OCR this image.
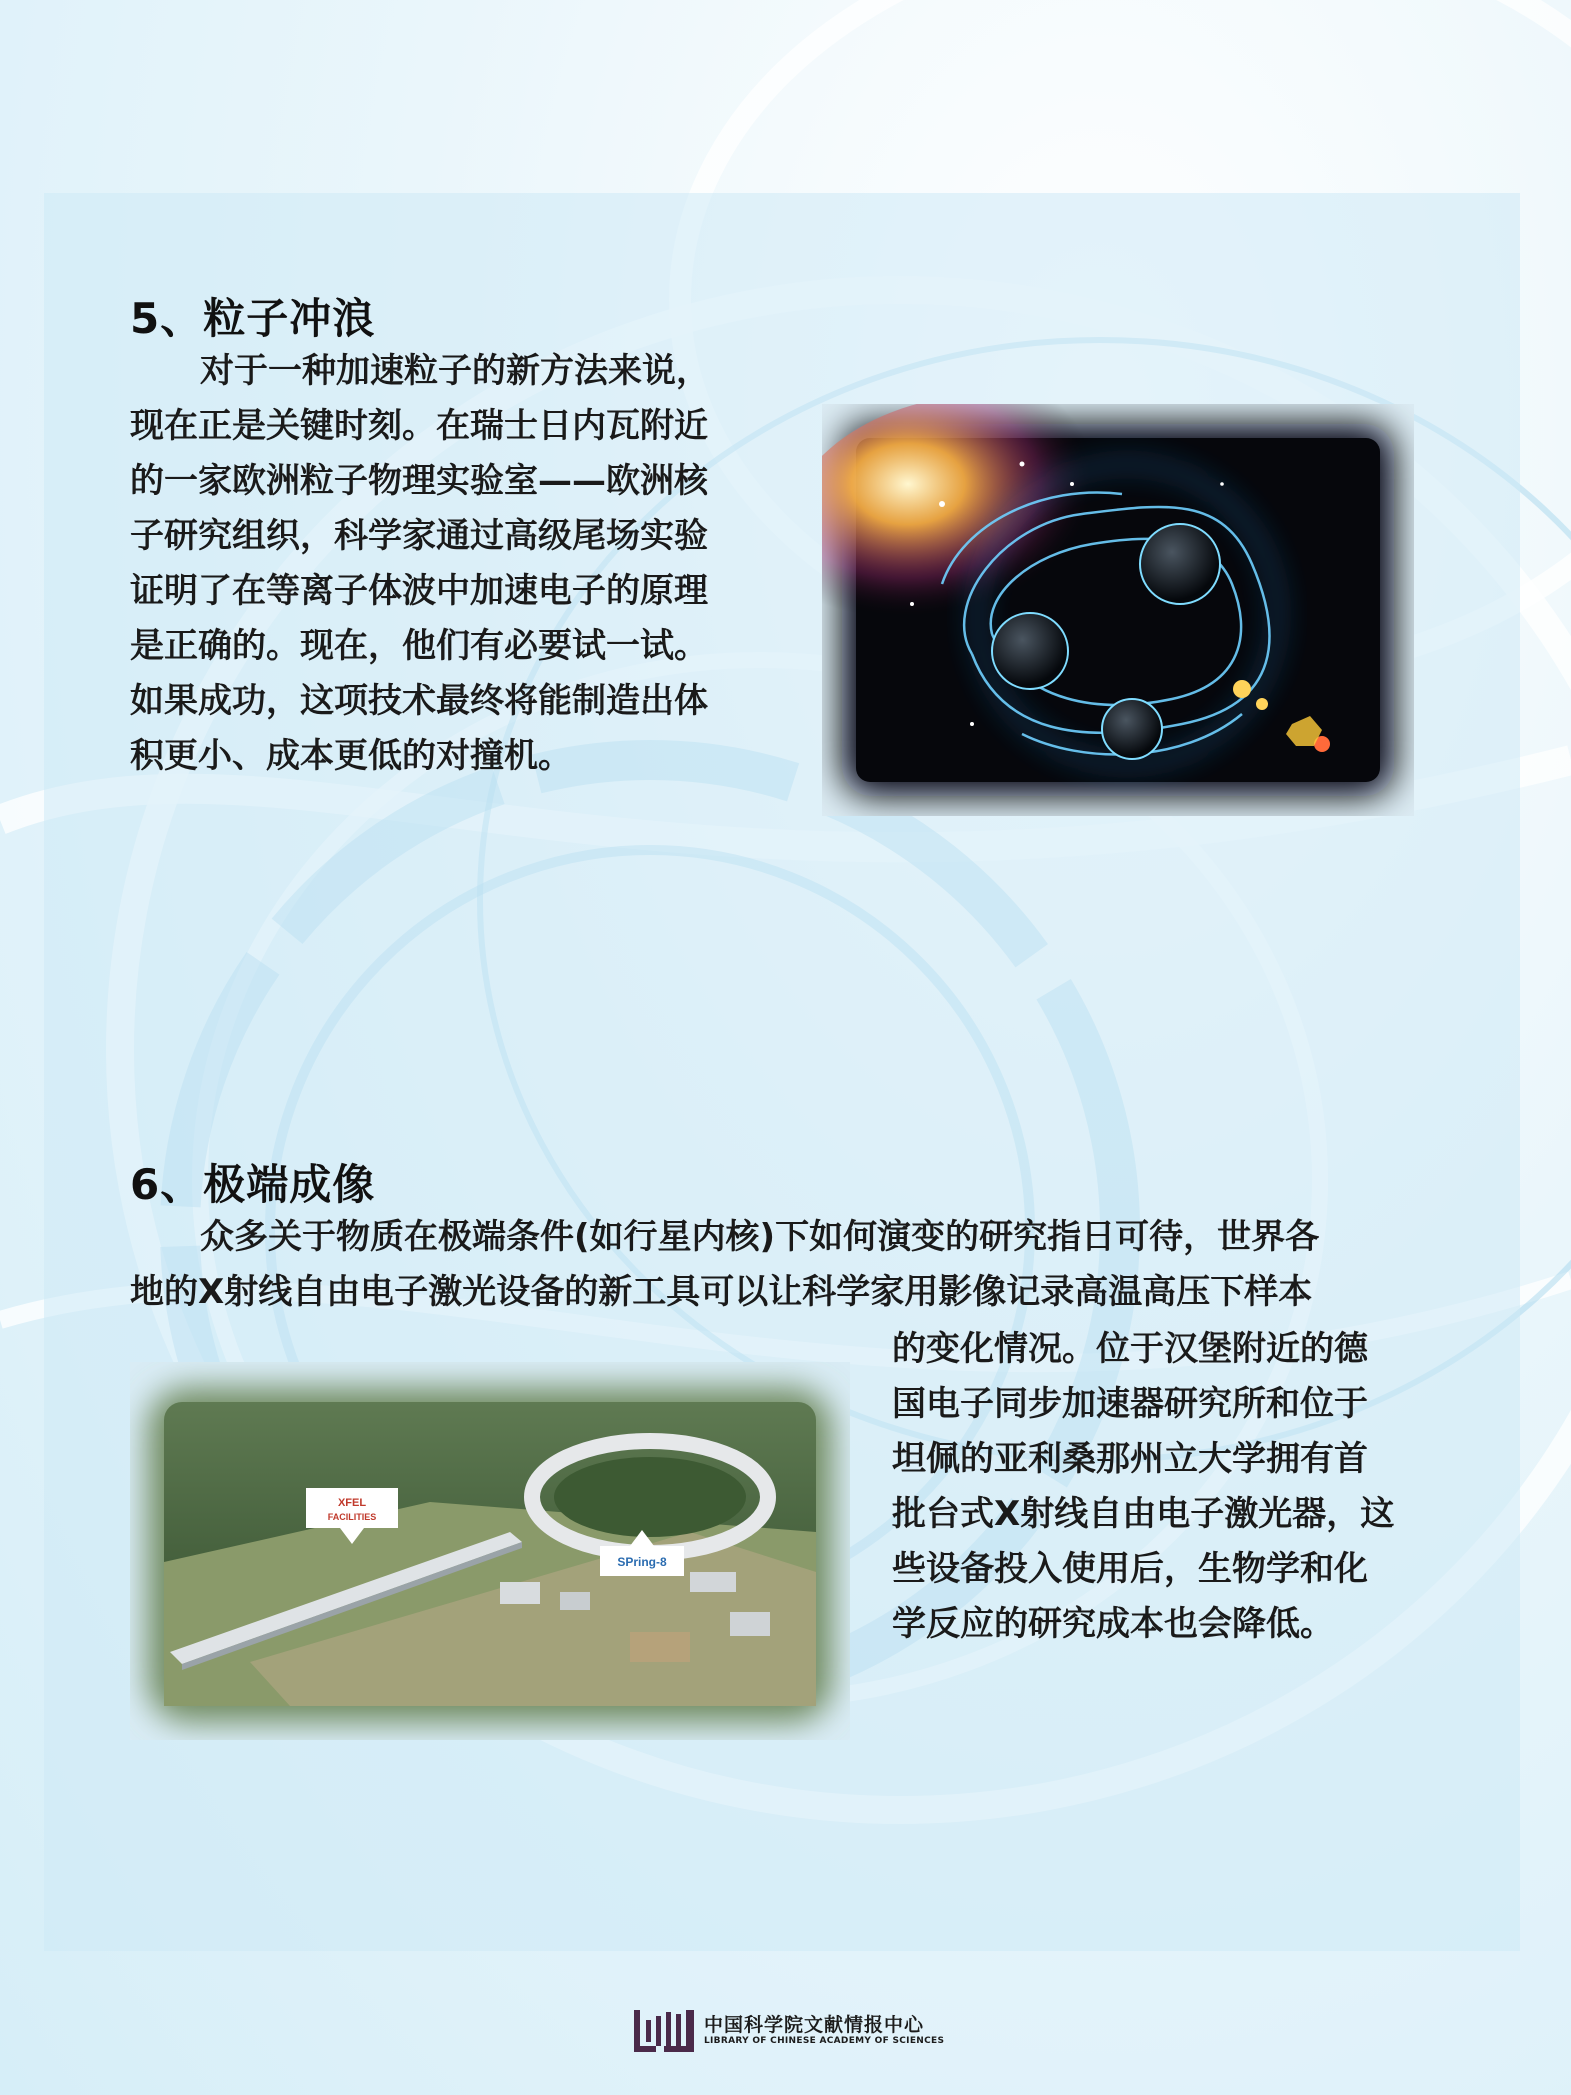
5、粒子冲浪

对于一种加速粒子的新方法来说，
现在正是关键时刻。在瑞士日内瓦附近
的一家欧洲粒子物理实验室——欧洲核
子研究组织，科学家通过高级尾场实验
证明了在等离子体波中加速电子的原理
是正确的。现在，他们有必要试一试。
如果成功，这项技术最终将能制造出体
积更小、成本更低的对撞机。

6、极端成像

众多关于物质在极端条件(如行星内核)下如何演变的研究指日可待，世界各
地的X射线自由电子激光设备的新工具可以让科学家用影像记录高温高压下样本

的变化情况。位于汉堡附近的德
国电子同步加速器研究所和位于
坦佩的亚利桑那州立大学拥有首
批台式X射线自由电子激光器，这
些设备投入使用后，生物学和化
学反应的研究成本也会降低。

XFEL
FACILITIES
SPring-8
中国科学院文献情报中心
LIBRARY OF CHINESE ACADEMY OF SCIENCES
